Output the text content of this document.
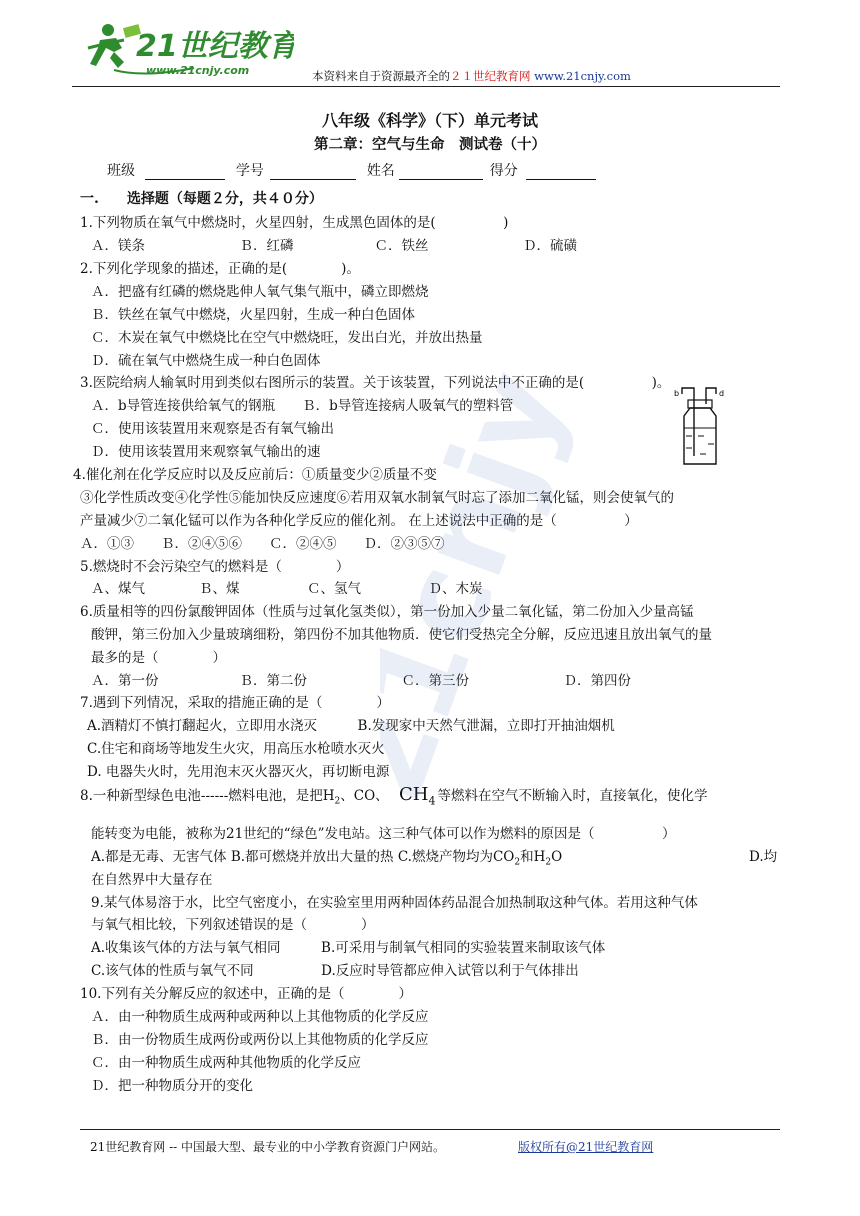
21世纪教育
www.21cnjy.com	本资料来自于资源最齐全的２１世纪教育网 www.21cnjy.com
八年级《科学》（下）单元考试
第二章：空气与生命　测试卷（十）
班级	学号	姓名	得分
一.　　选择题（每题２分，共４０分）
1.下列物质在氧气中燃烧时，火星四射，生成黑色固体的是(　　　　　)
Ａ．镁条　　　　　　　Ｂ．红磷　　　　　　Ｃ．铁丝　　　　　　　Ｄ．硫磺
2.下列化学现象的描述，正确的是(　　　　)。
Ａ．把盛有红磷的燃烧匙伸人氧气集气瓶中，磷立即燃烧
Ｂ．铁丝在氧气中燃烧，火星四射，生成一种白色固体
Ｃ．木炭在氧气中燃烧比在空气中燃烧旺，发出白光，并放出热量
Ｄ．硫在氧气中燃烧生成一种白色固体
3.医院给病人输氧时用到类似右图所示的装置。关于该装置，下列说法中不正确的是(　　　　　)。
Ａ．b导管连接供给氧气的钢瓶　　Ｂ．b导管连接病人吸氧气的塑料管
Ｃ．使用该装置用来观察是否有氧气输出
Ｄ．使用该装置用来观察氧气输出的速
b	d
4.催化剂在化学反应时以及反应前后：①质量变少②质量不变
③化学性质改变④化学性⑤能加快反应速度⑥若用双氧水制氧气时忘了添加二氧化锰，则会使氧气的
产量减少⑦二氧化锰可以作为各种化学反应的催化剂。 在上述说法中正确的是（　　　　　）
Ａ．①③　　Ｂ．②④⑤⑥　　Ｃ．②④⑤　　Ｄ．②③⑤⑦
5.燃烧时不会污染空气的燃料是（　　　　）
Ａ、煤气　　　　Ｂ、煤　　　　　Ｃ、氢气　　　　　Ｄ、木炭
6.质量相等的四份氯酸钾固体（性质与过氧化氢类似），第一份加入少量二氧化锰，第二份加入少量高锰
酸钾，第三份加入少量玻璃细粉，第四份不加其他物质．使它们受热完全分解，反应迅速且放出氧气的量
最多的是（　　　　）
Ａ．第一份　　　　　　Ｂ．第二份　　　　　　　Ｃ．第三份　　　　　　　Ｄ．第四份
7.遇到下列情况，采取的措施正确的是（　　　　）
A.酒精灯不慎打翻起火，立即用水浇灭　　　B.发现家中天然气泄漏，立即打开抽油烟机
C.住宅和商场等地发生火灾，用高压水枪喷水灭火
D. 电器失火时，先用泡末灭火器灭火，再切断电源
8.一种新型绿色电池------燃料电池，是把$H_2$、CO、 $CH_4$ 等燃料在空气不断输入时，直接氧化，使化学
能转变为电能，被称为21世纪的“绿色”发电站。这三种气体可以作为燃料的原因是（　　　　　）
A.都是无毒、无害气体 B.都可燃烧并放出大量的热 C.燃烧产物均为$CO_2$和$H_2O$	D.均
在自然界中大量存在
9.某气体易溶于水，比空气密度小，在实验室里用两种固体药品混合加热制取这种气体。若用这种气体
与氧气相比较，下列叙述错误的是（　　　　）
A.收集该气体的方法与氧气相同　　　B.可采用与制氧气相同的实验装置来制取该气体
C.该气体的性质与氧气不同　　　　　D.反应时导管都应伸入试管以利于气体排出
10.下列有关分解反应的叙述中，正确的是（　　　　）
Ａ．由一种物质生成两种或两种以上其他物质的化学反应
Ｂ．由一份物质生成两份或两份以上其他物质的化学反应
Ｃ．由一种物质生成两种其他物质的化学反应
Ｄ．把一种物质分开的变化
21cnjy
21世纪教育网 -- 中国最大型、最专业的中小学教育资源门户网站。	版权所有@21世纪教育网
